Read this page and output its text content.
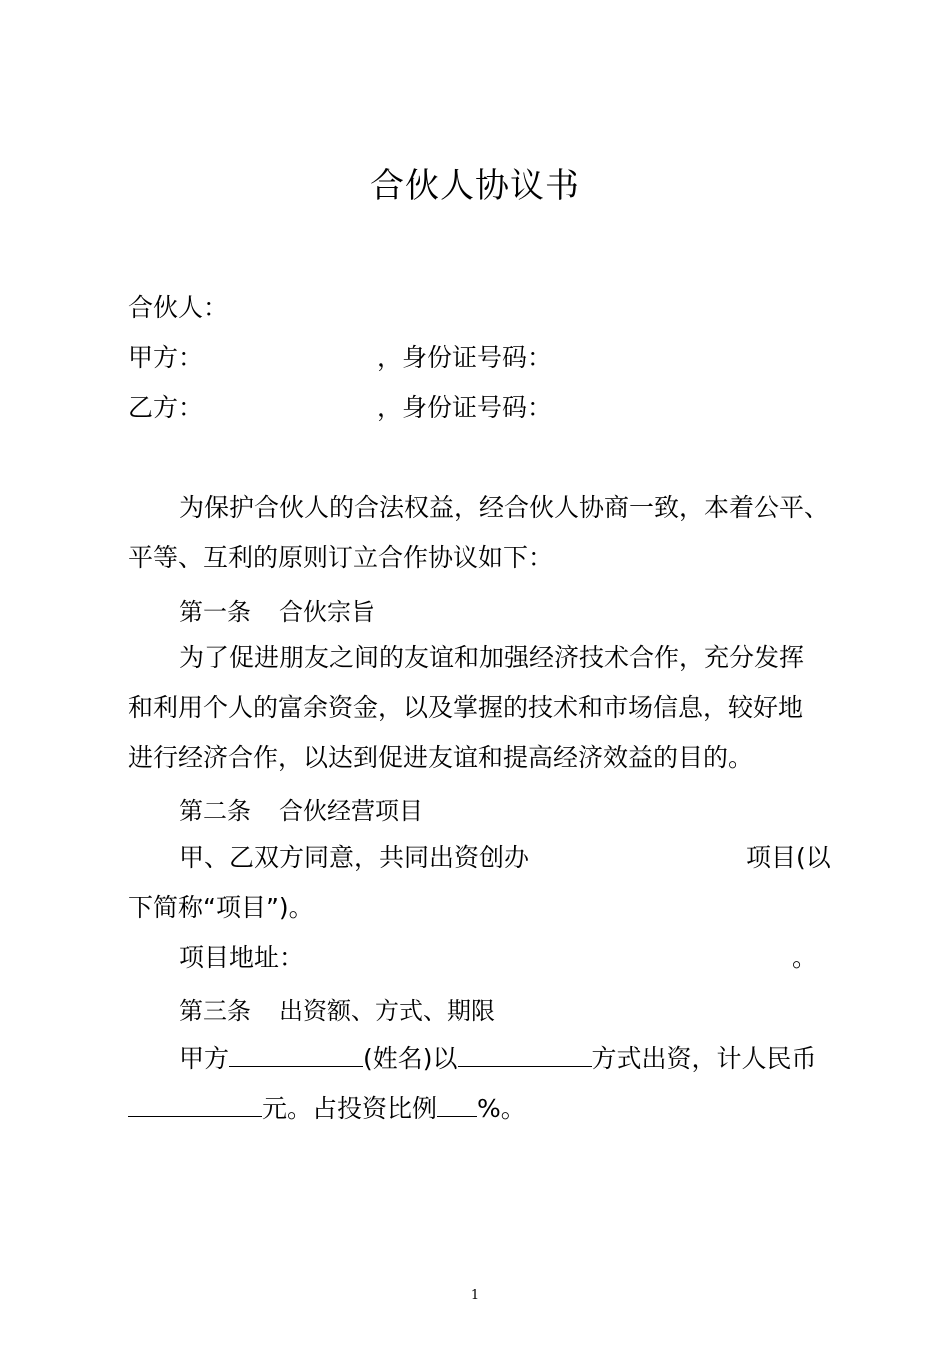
合伙人协议书
合伙人：
甲方：	，身份证号码：
乙方：	，身份证号码：
为保护合伙人的合法权益，经合伙人协商一致，本着公平、
平等、互利的原则订立合作协议如下：
第一条 合伙宗旨
为了促进朋友之间的友谊和加强经济技术合作，充分发挥
和利用个人的富余资金，以及掌握的技术和市场信息，较好地
进行经济合作，以达到促进友谊和提高经济效益的目的。
第二条 合伙经营项目
甲、乙双方同意，共同出资创办	项目(以
下简称“项目”)。
项目地址：	。
第三条 出资额、方式、期限
甲方	(姓名)以	方式出资，计人民币
元。占投资比例 %。
1
